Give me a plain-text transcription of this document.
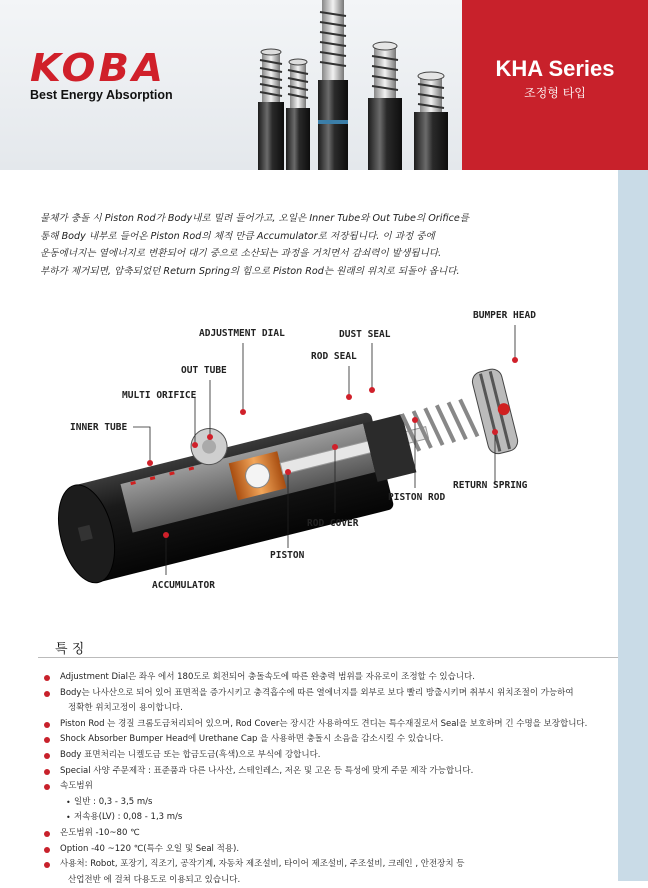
KOBA
Best Energy Absorption
KHA Series
조정형 타입

물체가 충돌 시 Piston Rod가 Body내로 밀려 들어가고, 오일은 Inner Tube와 Out Tube의 Orifice를

통해 Body 내부로 들어온 Piston Rod의 체적 만큼 Accumulator로 저장됩니다. 이 과정 중에

운동에너지는 열에너지로 변환되어 대기 중으로 소산되는 과정을 거치면서 감쇠력이 발생됩니다.

부하가 제거되면, 압축되었던 Return Spring의 힘으로 Piston Rod는 원래의 위치로 되돌아 옵니다.

BUMPER HEAD
ADJUSTMENT DIAL	DUST SEAL
ROD SEAL
OUT TUBE
MULTI ORIFICE
INNER TUBE
RETURN SPRING
PISTON ROD
ROD COVER
PISTON
ACCUMULATOR
특 징
Adjustment Dial은 좌우 에서 180도로 회전되어 충돌속도에 따른 완충력 범위를 자유로이 조정할 수 있습니다.
Body는 나사산으로 되어 있어 표면적을 증가시키고 충격흡수에 따른 열에너지를 외부로 보다 빨리 방출시키며 취부시 위치조절이 가능하여
정확한 위치고정이 용이합니다.
Piston Rod 는 경질 크롬도금처리되어 있으며, Rod Cover는 장시간 사용하여도 견디는 특수재질로서 Seal을 보호하며 긴 수명을 보장합니다.
Shock Absorber Bumper Head에 Urethane Cap 을 사용하면 충돌시 소음을 감소시킬 수 있습니다.
Body 표면처리는 니켈도금 또는 합금도금(흑색)으로 부식에 강합니다.
Special 사양 주문제작 : 표준품과 다른 나사산, 스테인레스, 저온 및 고온 등 특성에 맞게 주문 제작 가능합니다.
속도범위
• 일반 : 0,3 - 3,5 m/s
• 저속용(LV) : 0,08 - 1,3 m/s
온도범위 -10~80 ℃
Option -40 ~120 ℃(특수 오일 및 Seal 적용).
사용처: Robot, 포장기, 직조기, 공작기계, 자동차 제조설비, 타이어 제조설비, 주조설비, 크레인 , 안전장치 등
산업전반 에 걸쳐 다용도로 이용되고 있습니다.
